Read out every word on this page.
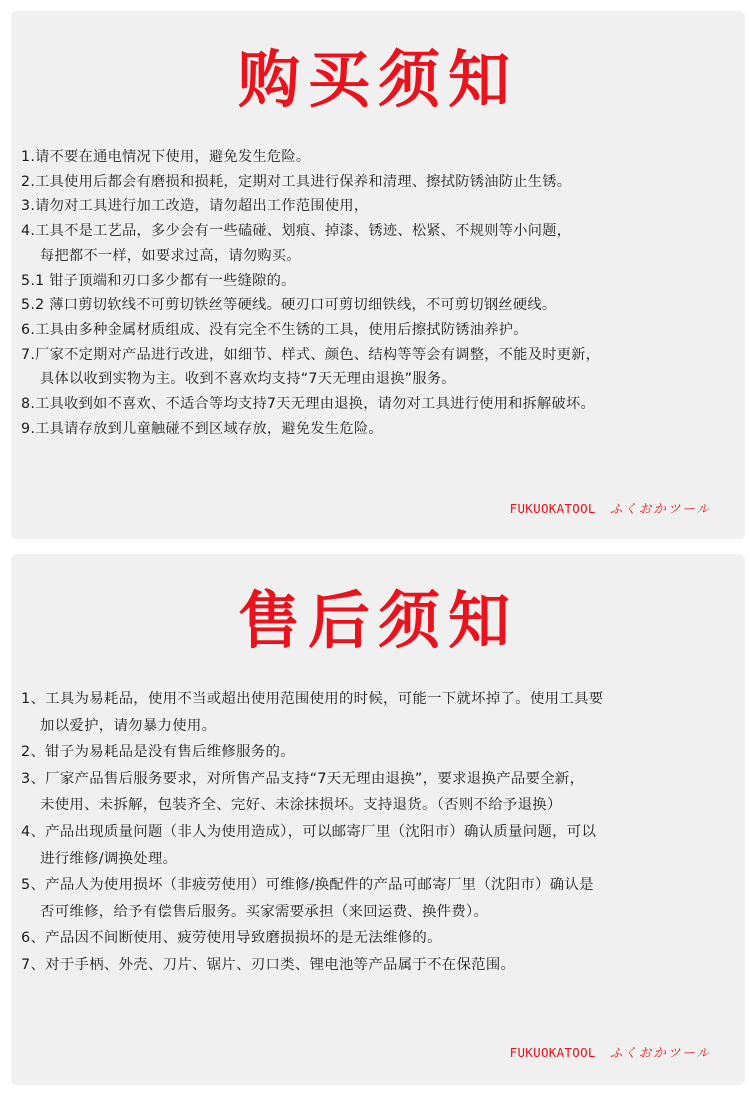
购买须知
1.请不要在通电情况下使用，避免发生危险。
2.工具使用后都会有磨损和损耗，定期对工具进行保养和清理、擦拭防锈油防止生锈。
3.请勿对工具进行加工改造，请勿超出工作范围使用，
4.工具不是工艺品，多少会有一些磕碰、划痕、掉漆、锈迹、松紧、不规则等小问题，
每把都不一样，如要求过高，请勿购买。
5.1 钳子顶端和刃口多少都有一些缝隙的。
5.2 薄口剪切软线不可剪切铁丝等硬线。硬刃口可剪切细铁线，不可剪切钢丝硬线。
6.工具由多种金属材质组成、没有完全不生锈的工具，使用后擦拭防锈油养护。
7.厂家不定期对产品进行改进，如细节、样式、颜色、结构等等会有调整，不能及时更新，
具体以收到实物为主。收到不喜欢均支持“7天无理由退换”服务。
8.工具收到如不喜欢、不适合等均支持7天无理由退换，请勿对工具进行使用和拆解破坏。
9.工具请存放到儿童触碰不到区域存放，避免发生危险。
FUKUOKATOOL ふくおかツール
售后须知
1、工具为易耗品，使用不当或超出使用范围使用的时候，可能一下就坏掉了。使用工具要
加以爱护，请勿暴力使用。
2、钳子为易耗品是没有售后维修服务的。
3、厂家产品售后服务要求，对所售产品支持“7天无理由退换”，要求退换产品要全新，
未使用、未拆解，包装齐全、完好、未涂抹损坏。支持退货。（否则不给予退换）
4、产品出现质量问题（非人为使用造成），可以邮寄厂里（沈阳市）确认质量问题，可以
进行维修/调换处理。
5、产品人为使用损坏（非疲劳使用）可维修/换配件的产品可邮寄厂里（沈阳市）确认是
否可维修，给予有偿售后服务。买家需要承担（来回运费、换件费）。
6、产品因不间断使用、疲劳使用导致磨损损坏的是无法维修的。
7、对于手柄、外壳、刀片、锯片、刃口类、锂电池等产品属于不在保范围。
FUKUOKATOOL ふくおかツール
